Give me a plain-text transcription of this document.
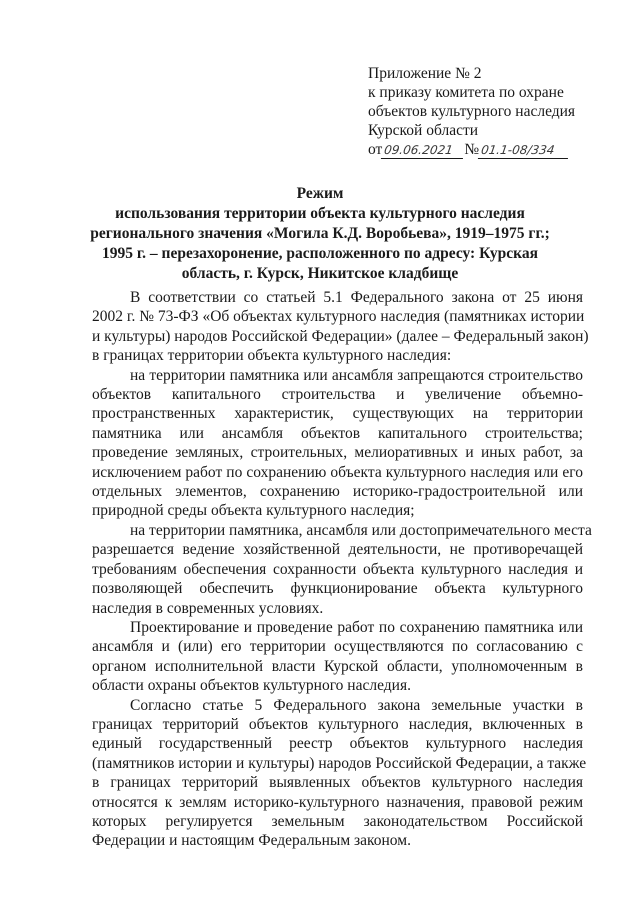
Приложение № 2
к приказу комитета по охране
объектов культурного наследия
Курской области
от09.06.2021 №01.1-08/334
Режим
использования территории объекта культурного наследия
регионального значения «Могила К.Д. Воробьева», 1919–1975 гг.;
1995 г. – перезахоронение, расположенного по адресу: Курская
область, г. Курск, Никитское кладбище
В соответствии со статьей 5.1 Федерального закона от 25 июня
2002 г. № 73-ФЗ «Об объектах культурного наследия (памятниках истории
и культуры) народов Российской Федерации» (далее – Федеральный закон)
в границах территории объекта культурного наследия:
на территории памятника или ансамбля запрещаются строительство
объектов капитального строительства и увеличение объемно-
пространственных характеристик, существующих на территории
памятника или ансамбля объектов капитального строительства;
проведение земляных, строительных, мелиоративных и иных работ, за
исключением работ по сохранению объекта культурного наследия или его
отдельных элементов, сохранению историко-градостроительной или
природной среды объекта культурного наследия;
на территории памятника, ансамбля или достопримечательного места
разрешается ведение хозяйственной деятельности, не противоречащей
требованиям обеспечения сохранности объекта культурного наследия и
позволяющей обеспечить функционирование объекта культурного
наследия в современных условиях.
Проектирование и проведение работ по сохранению памятника или
ансамбля и (или) его территории осуществляются по согласованию с
органом исполнительной власти Курской области, уполномоченным в
области охраны объектов культурного наследия.
Согласно статье 5 Федерального закона земельные участки в
границах территорий объектов культурного наследия, включенных в
единый государственный реестр объектов культурного наследия
(памятников истории и культуры) народов Российской Федерации, а также
в границах территорий выявленных объектов культурного наследия
относятся к землям историко-культурного назначения, правовой режим
которых регулируется земельным законодательством Российской
Федерации и настоящим Федеральным законом.
